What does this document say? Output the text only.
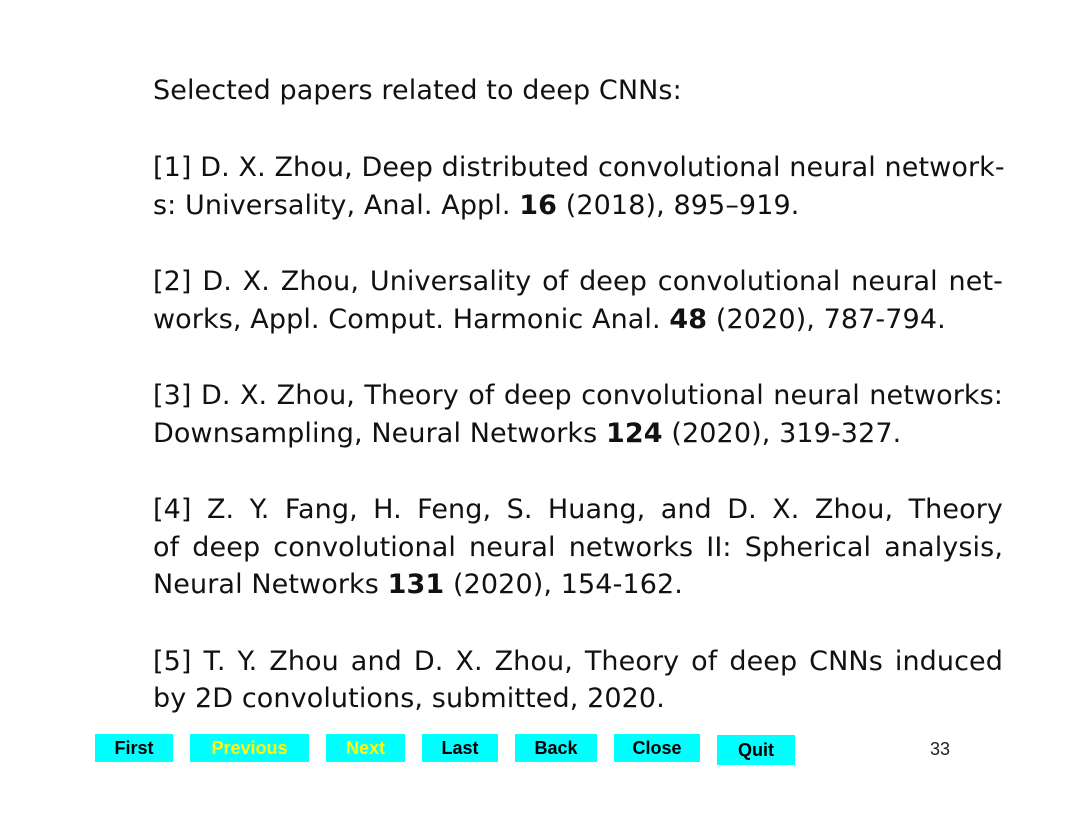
Selected papers related to deep CNNs:
[1] D. X. Zhou, Deep distributed convolutional neural network-
s: Universality, Anal. Appl. 16 (2018), 895–919.
[2] D. X. Zhou, Universality of deep convolutional neural net-
works, Appl. Comput. Harmonic Anal. 48 (2020), 787-794.
[3] D. X. Zhou, Theory of deep convolutional neural networks:
Downsampling, Neural Networks 124 (2020), 319-327.
[4] Z. Y. Fang, H. Feng, S. Huang, and D. X. Zhou, Theory
of deep convolutional neural networks II: Spherical analysis,
Neural Networks 131 (2020), 154-162.
[5] T. Y. Zhou and D. X. Zhou, Theory of deep CNNs induced
by 2D convolutions, submitted, 2020.
First	Previous	Next	Last	Back	Close	Quit	33
